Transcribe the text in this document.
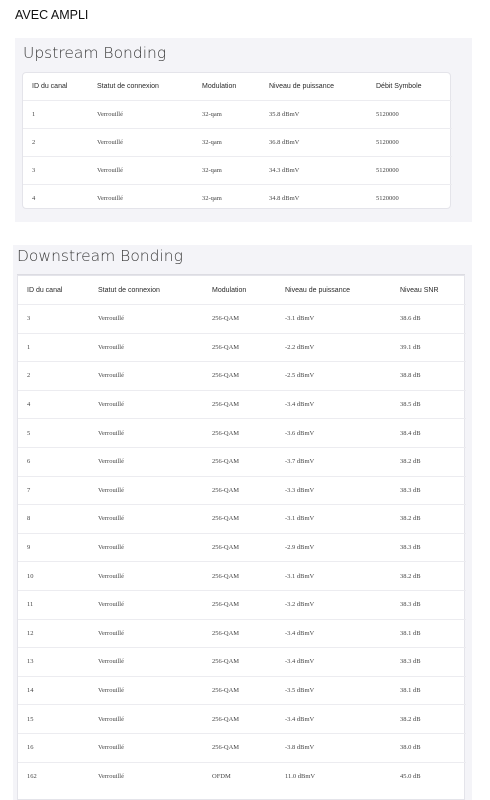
AVEC AMPLI
Upstream Bonding
ID du canal	Statut de connexion	Modulation	Niveau de puissance	Débit Symbole
1	Verrouillé	32-qam	35.8 dBmV	5120000
2	Verrouillé	32-qam	36.8 dBmV	5120000
3	Verrouillé	32-qam	34.3 dBmV	5120000
4	Verrouillé	32-qam	34.8 dBmV	5120000
Downstream Bonding
ID du canal	Statut de connexion	Modulation	Niveau de puissance	Niveau SNR
3	Verrouillé	256-QAM	-3.1 dBmV	38.6 dB
1	Verrouillé	256-QAM	-2.2 dBmV	39.1 dB
2	Verrouillé	256-QAM	-2.5 dBmV	38.8 dB
4	Verrouillé	256-QAM	-3.4 dBmV	38.5 dB
5	Verrouillé	256-QAM	-3.6 dBmV	38.4 dB
6	Verrouillé	256-QAM	-3.7 dBmV	38.2 dB
7	Verrouillé	256-QAM	-3.3 dBmV	38.3 dB
8	Verrouillé	256-QAM	-3.1 dBmV	38.2 dB
9	Verrouillé	256-QAM	-2.9 dBmV	38.3 dB
10	Verrouillé	256-QAM	-3.1 dBmV	38.2 dB
11	Verrouillé	256-QAM	-3.2 dBmV	38.3 dB
12	Verrouillé	256-QAM	-3.4 dBmV	38.1 dB
13	Verrouillé	256-QAM	-3.4 dBmV	38.3 dB
14	Verrouillé	256-QAM	-3.5 dBmV	38.1 dB
15	Verrouillé	256-QAM	-3.4 dBmV	38.2 dB
16	Verrouillé	256-QAM	-3.8 dBmV	38.0 dB
162	Verrouillé	OFDM	11.0 dBmV	45.0 dB
